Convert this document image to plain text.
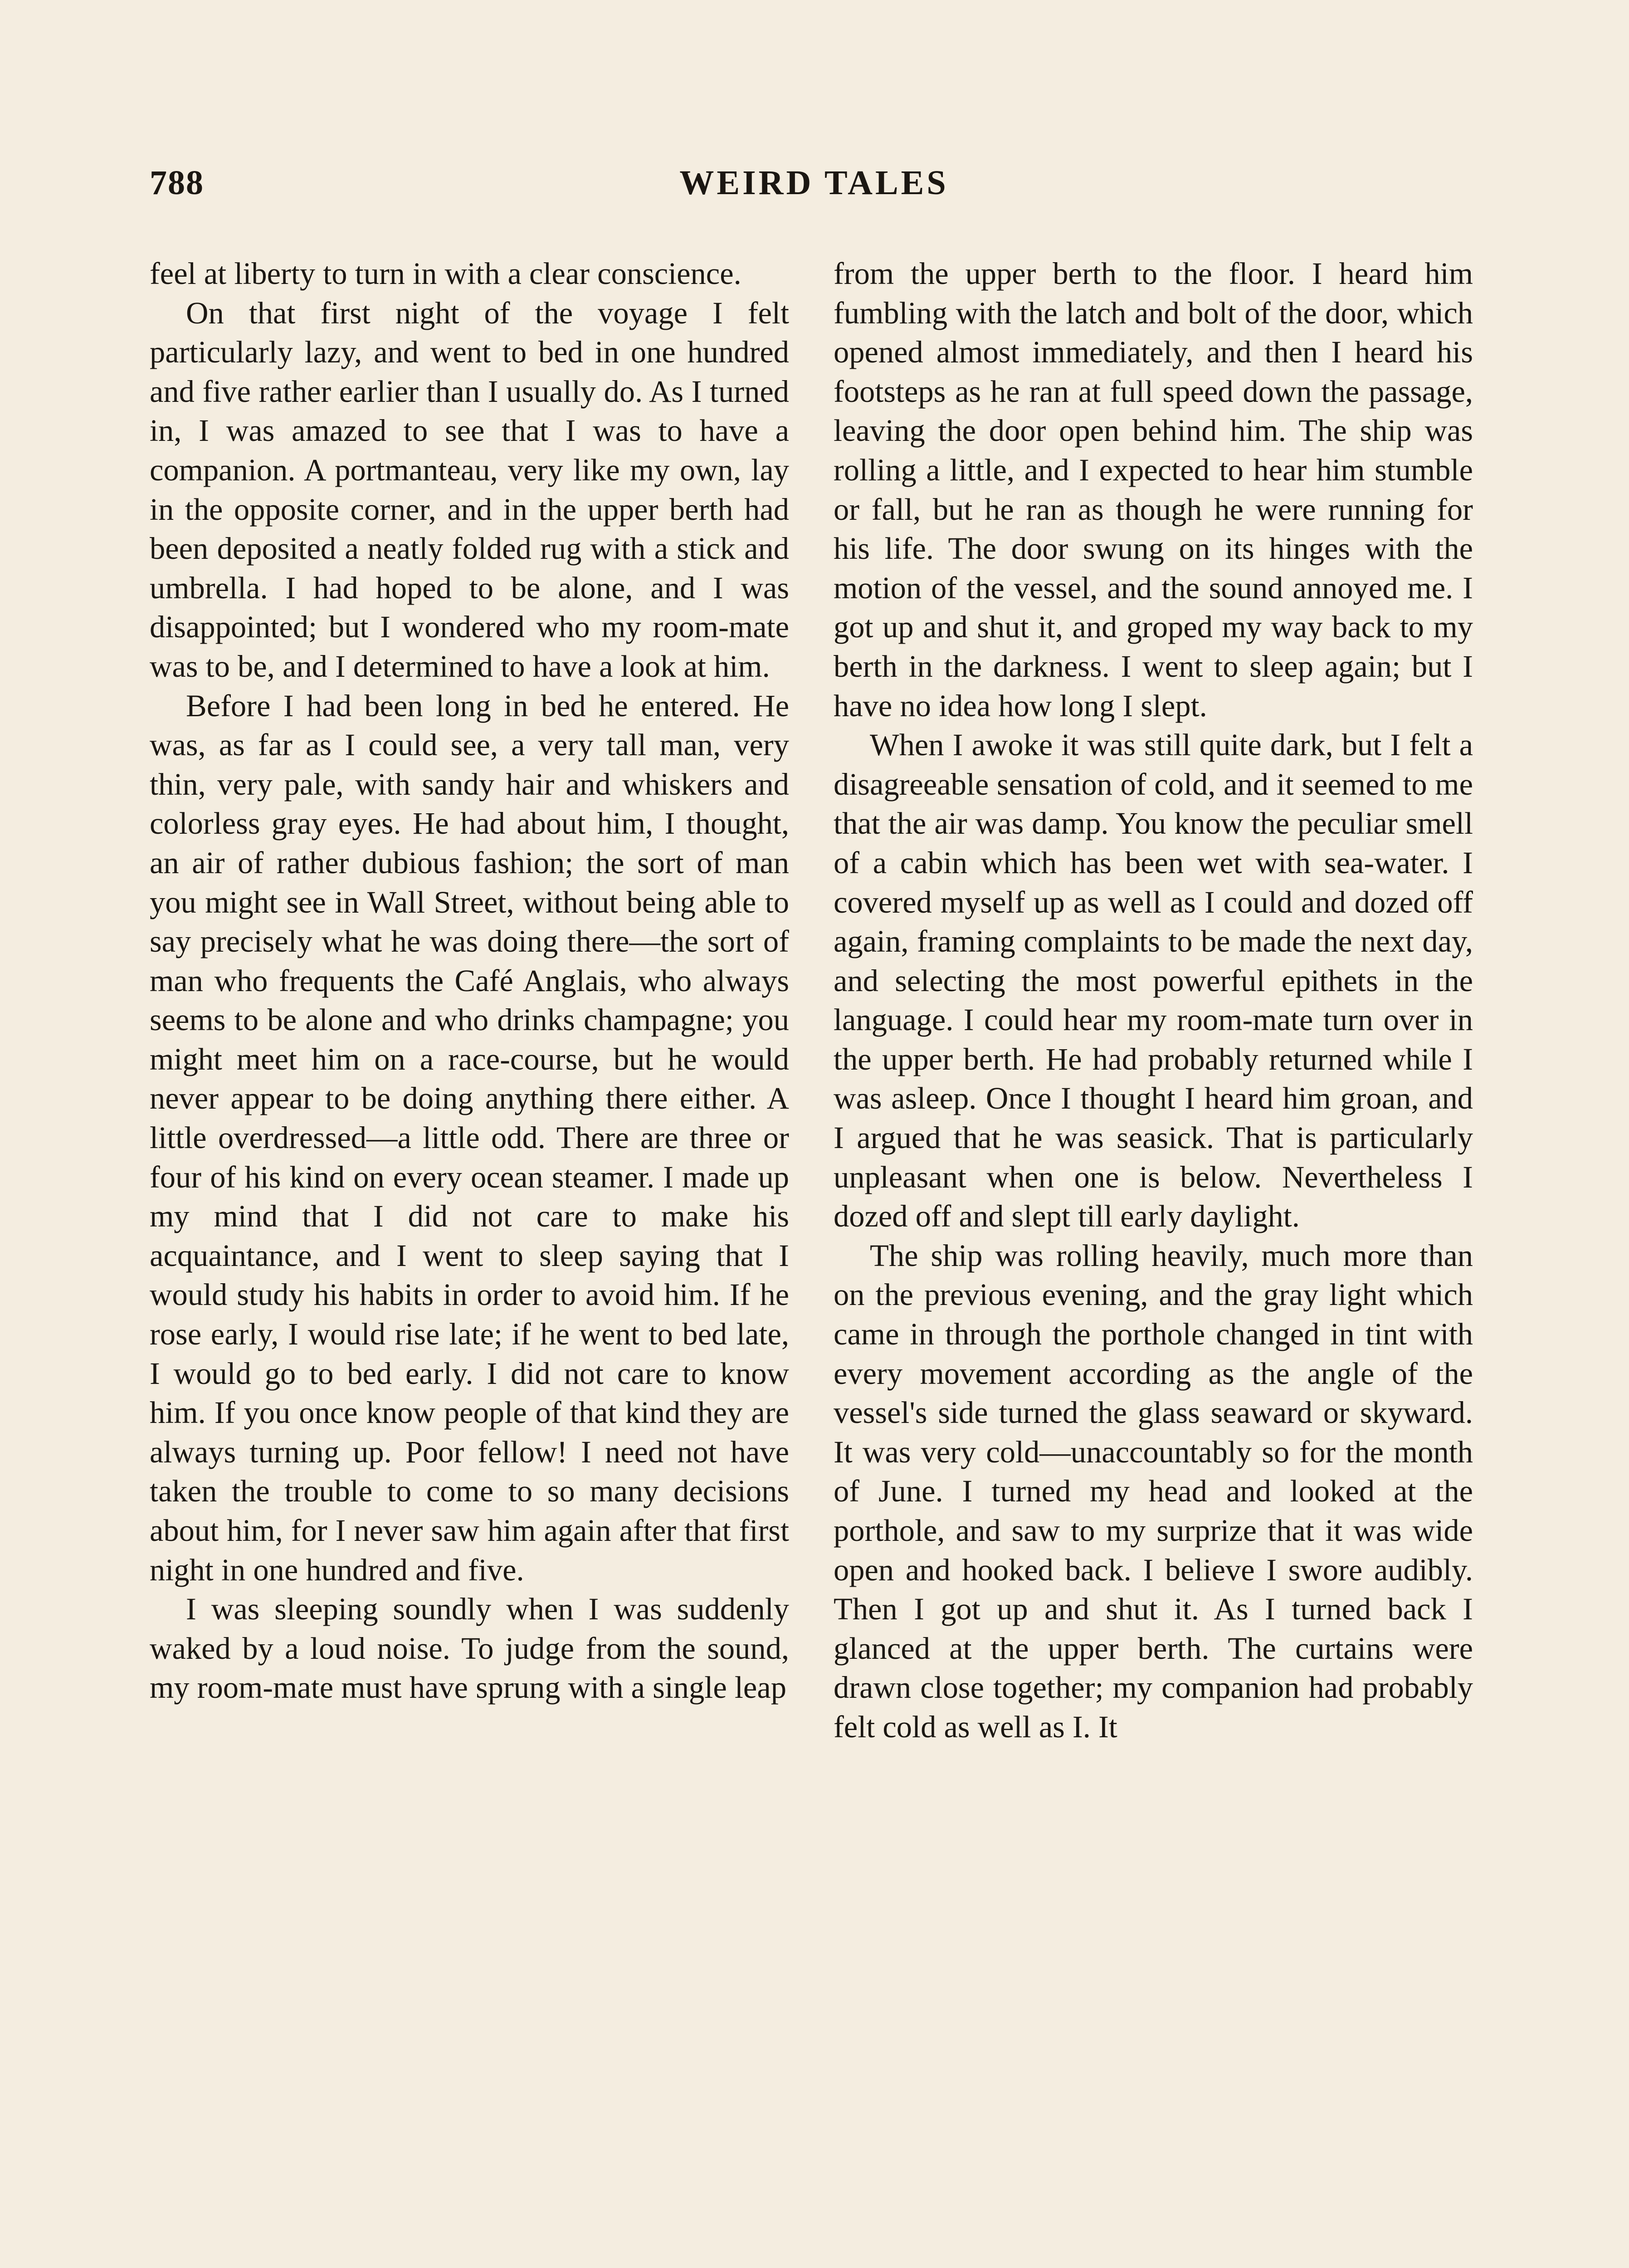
788	WEIRD TALES

feel at liberty to turn in with a clear conscience.

On that first night of the voyage I felt particularly lazy, and went to bed in one hundred and five rather earlier than I usually do. As I turned in, I was amazed to see that I was to have a companion. A portmanteau, very like my own, lay in the opposite corner, and in the upper berth had been deposited a neatly folded rug with a stick and umbrella. I had hoped to be alone, and I was disappointed; but I wondered who my room-mate was to be, and I determined to have a look at him.

Before I had been long in bed he entered. He was, as far as I could see, a very tall man, very thin, very pale, with sandy hair and whiskers and colorless gray eyes. He had about him, I thought, an air of rather dubious fashion; the sort of man you might see in Wall Street, without being able to say precisely what he was doing there—the sort of man who frequents the Café Anglais, who always seems to be alone and who drinks champagne; you might meet him on a race-course, but he would never appear to be doing anything there either. A little overdressed—a little odd. There are three or four of his kind on every ocean steamer. I made up my mind that I did not care to make his acquaintance, and I went to sleep saying that I would study his habits in order to avoid him. If he rose early, I would rise late; if he went to bed late, I would go to bed early. I did not care to know him. If you once know people of that kind they are always turning up. Poor fellow! I need not have taken the trouble to come to so many decisions about him, for I never saw him again after that first night in one hundred and five.

I was sleeping soundly when I was suddenly waked by a loud noise. To judge from the sound, my room-mate must have sprung with a single leap

from the upper berth to the floor. I heard him fumbling with the latch and bolt of the door, which opened almost immediately, and then I heard his footsteps as he ran at full speed down the passage, leaving the door open behind him. The ship was rolling a little, and I expected to hear him stumble or fall, but he ran as though he were running for his life. The door swung on its hinges with the motion of the vessel, and the sound annoyed me. I got up and shut it, and groped my way back to my berth in the darkness. I went to sleep again; but I have no idea how long I slept.

When I awoke it was still quite dark, but I felt a disagreeable sensation of cold, and it seemed to me that the air was damp. You know the peculiar smell of a cabin which has been wet with sea-water. I covered myself up as well as I could and dozed off again, framing complaints to be made the next day, and selecting the most powerful epithets in the language. I could hear my room-mate turn over in the upper berth. He had probably returned while I was asleep. Once I thought I heard him groan, and I argued that he was seasick. That is particularly unpleasant when one is below. Nevertheless I dozed off and slept till early daylight.

The ship was rolling heavily, much more than on the previous evening, and the gray light which came in through the porthole changed in tint with every movement according as the angle of the vessel's side turned the glass seaward or skyward. It was very cold—unaccountably so for the month of June. I turned my head and looked at the porthole, and saw to my surprize that it was wide open and hooked back. I believe I swore audibly. Then I got up and shut it. As I turned back I glanced at the upper berth. The curtains were drawn close together; my companion had probably felt cold as well as I. It
